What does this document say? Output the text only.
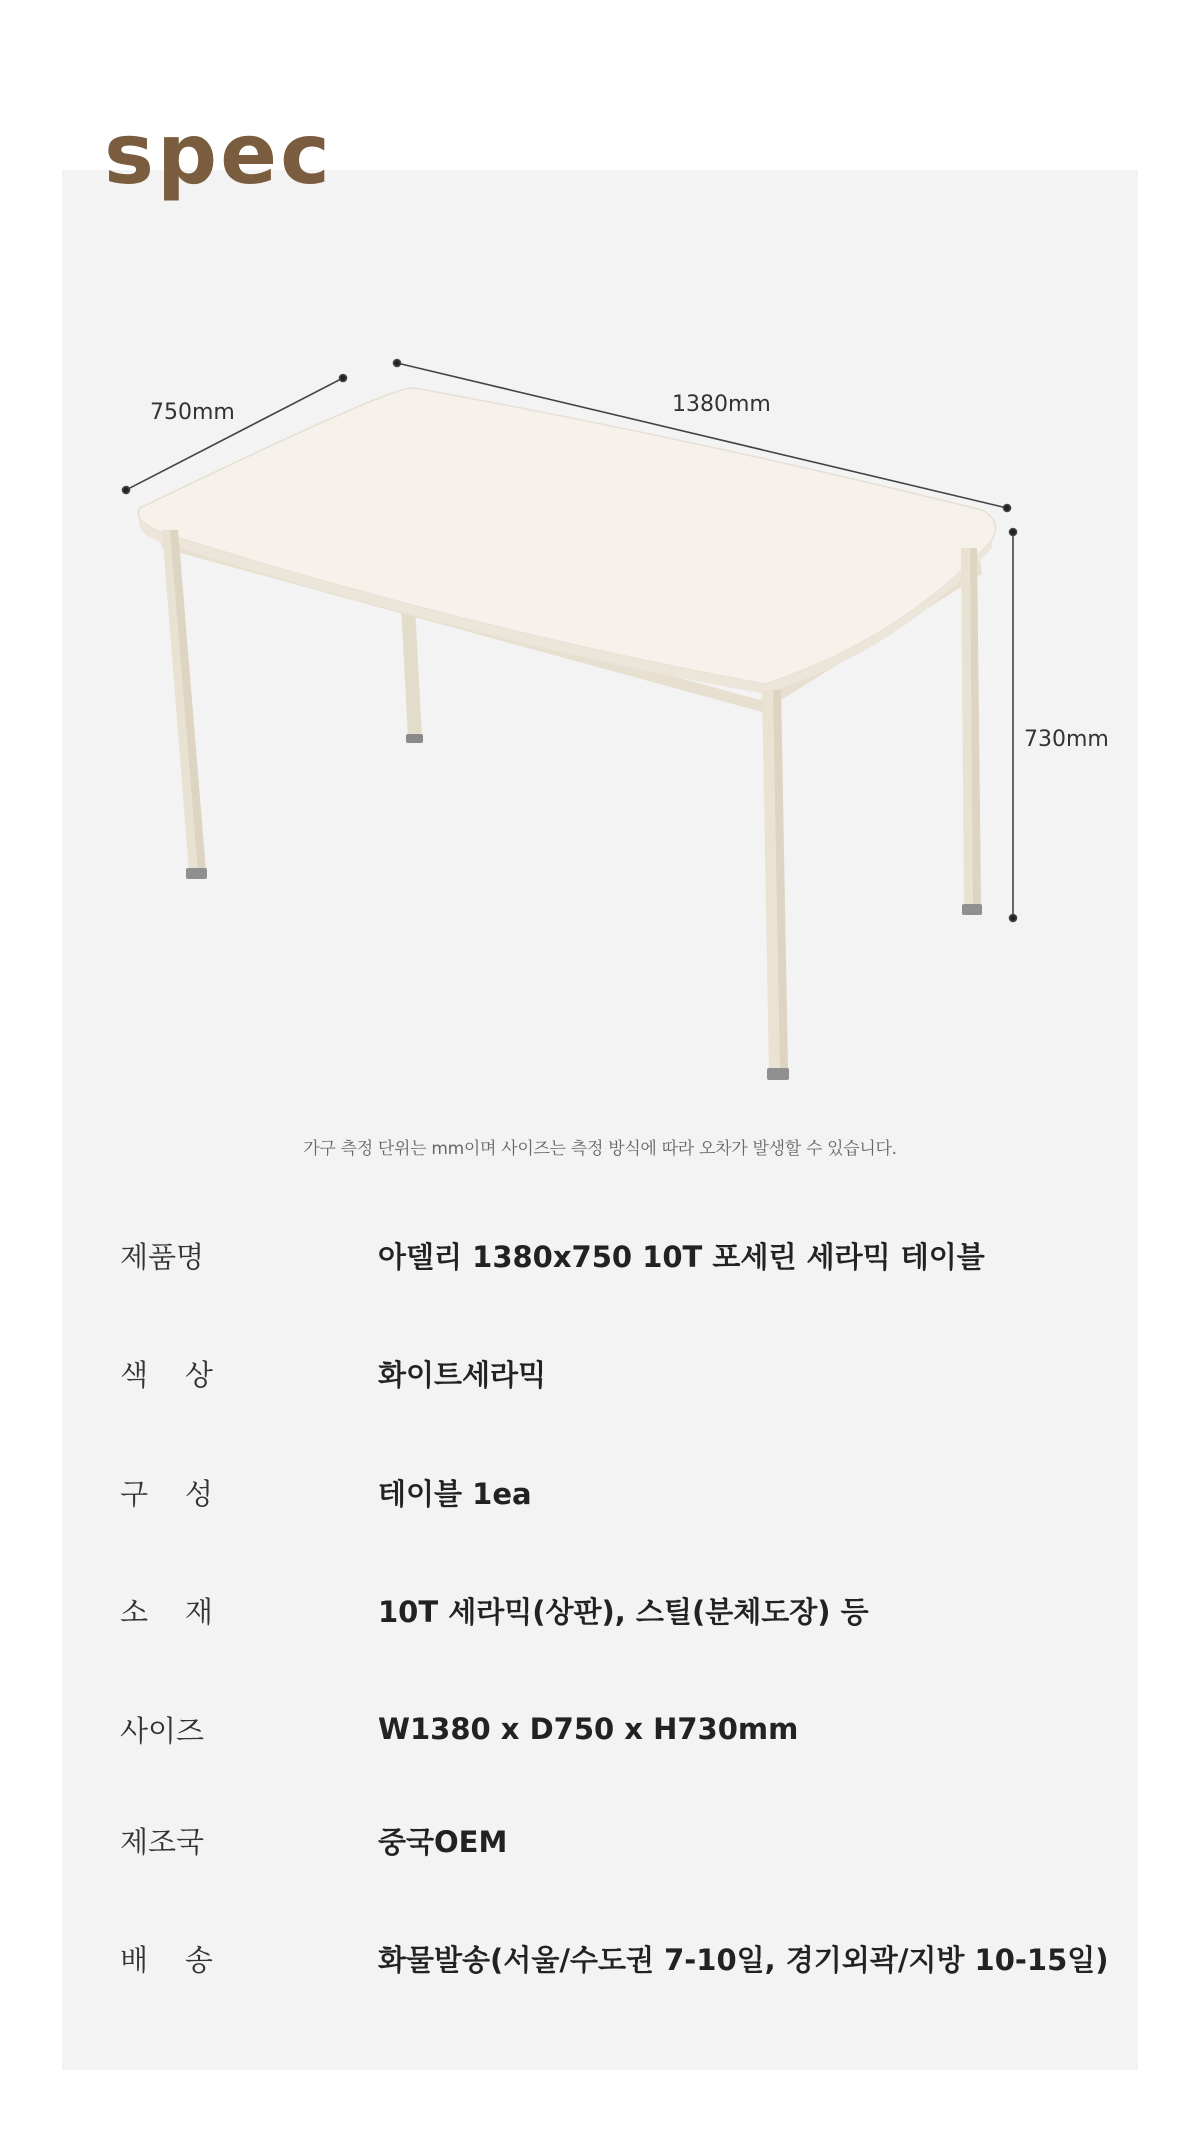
spec
750mm	1380mm
730mm
가구 측정 단위는 mm이며 사이즈는 측정 방식에 따라 오차가 발생할 수 있습니다.
제품명	아델리 1380x750 10T 포세린 세라믹 테이블
색    상	화이트세라믹
구    성	테이블 1ea
소    재	10T 세라믹(상판), 스틸(분체도장) 등
사이즈	W1380 x D750 x H730mm
제조국	중국OEM
배    송	화물발송(서울/수도권 7-10일, 경기외곽/지방 10-15일)
